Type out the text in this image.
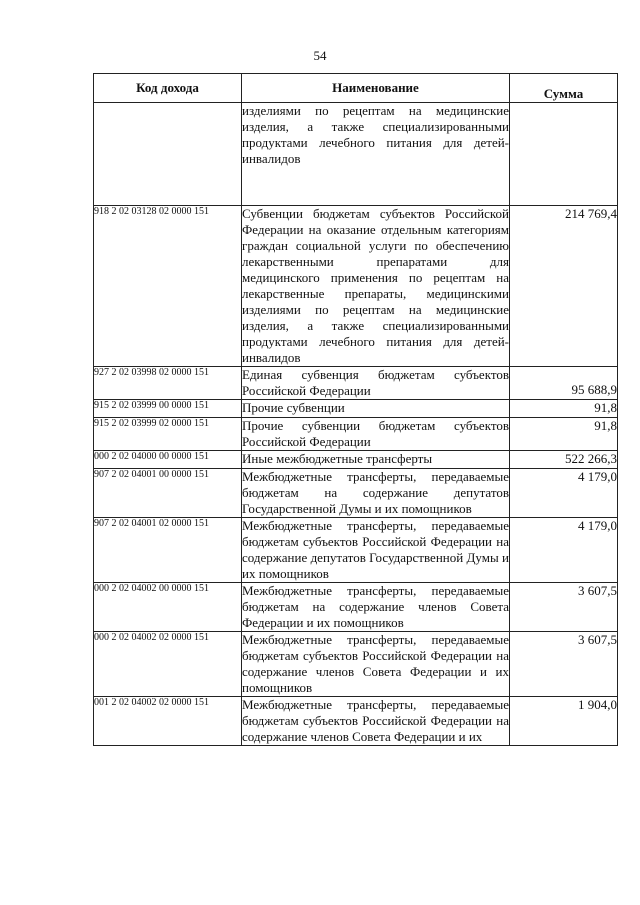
54
Код дохода	Наименование	Сумма
	изделиями по рецептам на медицинские изделия, а также специализированными продуктами лечебного питания для детей-инвалидов	
918 2 02 03128 02 0000 151	Субвенции бюджетам субъектов Российской Федерации на оказание отдельным категориям граждан социальной услуги по обеспечению лекарственными препаратами для медицинского применения по рецептам на лекарственные препараты, медицинскими изделиями по рецептам на медицинские изделия, а также специализированными продуктами лечебного питания для детей-инвалидов	214 769,4
927 2 02 03998 02 0000 151	Единая субвенция бюджетам субъектов Российской Федерации	95 688,9
915 2 02 03999 00 0000 151	Прочие субвенции	91,8
915 2 02 03999 02 0000 151	Прочие субвенции бюджетам субъектов Российской Федерации	91,8
000 2 02 04000 00 0000 151	Иные межбюджетные трансферты	522 266,3
907 2 02 04001 00 0000 151	Межбюджетные трансферты, передаваемые бюджетам на содержание депутатов Государственной Думы и их помощников	4 179,0
907 2 02 04001 02 0000 151	Межбюджетные трансферты, передаваемые бюджетам субъектов Российской Федерации на содержание депутатов Государственной Думы и их помощников	4 179,0
000 2 02 04002 00 0000 151	Межбюджетные трансферты, передаваемые бюджетам на содержание членов Совета Федерации и их помощников	3 607,5
000 2 02 04002 02 0000 151	Межбюджетные трансферты, передаваемые бюджетам субъектов Российской Федерации на содержание членов Совета Федерации и их помощников	3 607,5
001 2 02 04002 02 0000 151	Межбюджетные трансферты, передаваемые бюджетам субъектов Российской Федерации на содержание членов Совета Федерации и их	1 904,0
